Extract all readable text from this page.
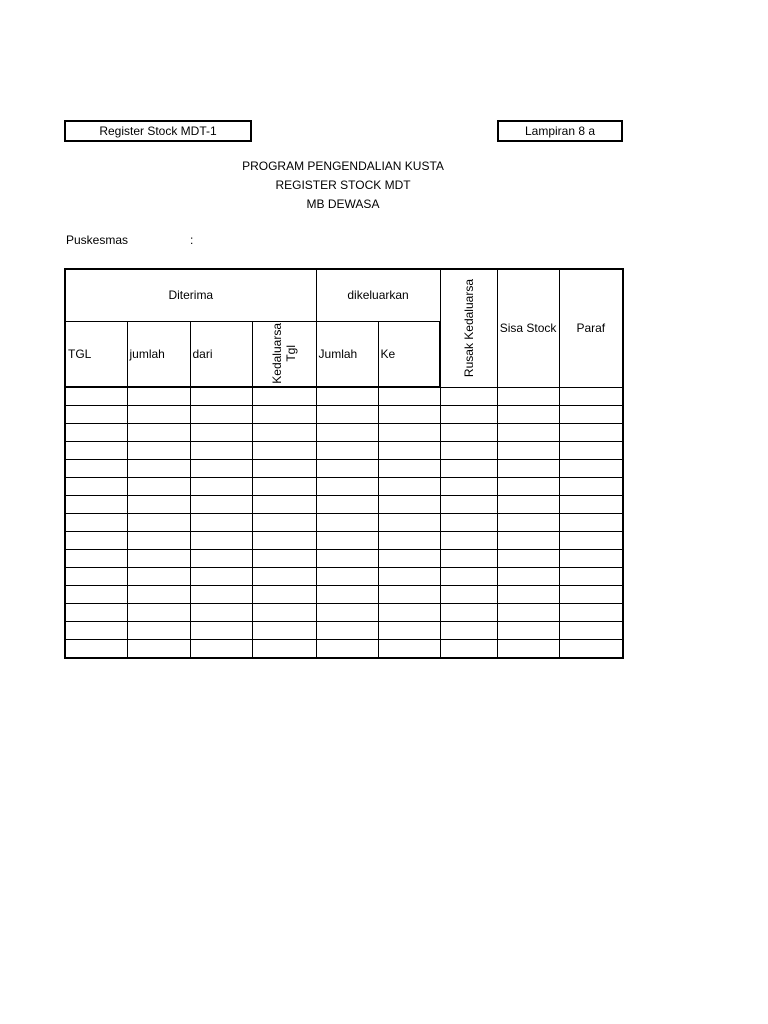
Register Stock MDT-1	Lampiran 8 a
PROGRAM PENGENDALIAN KUSTA
REGISTER STOCK MDT
MB DEWASA
Puskesmas	:
Diterima				dikeluarkan		Rusak Kedaluarsa	Sisa Stock	Paraf
TGL	jumlah	dari	Kedaluarsa Tgl	Jumlah	Ke			
